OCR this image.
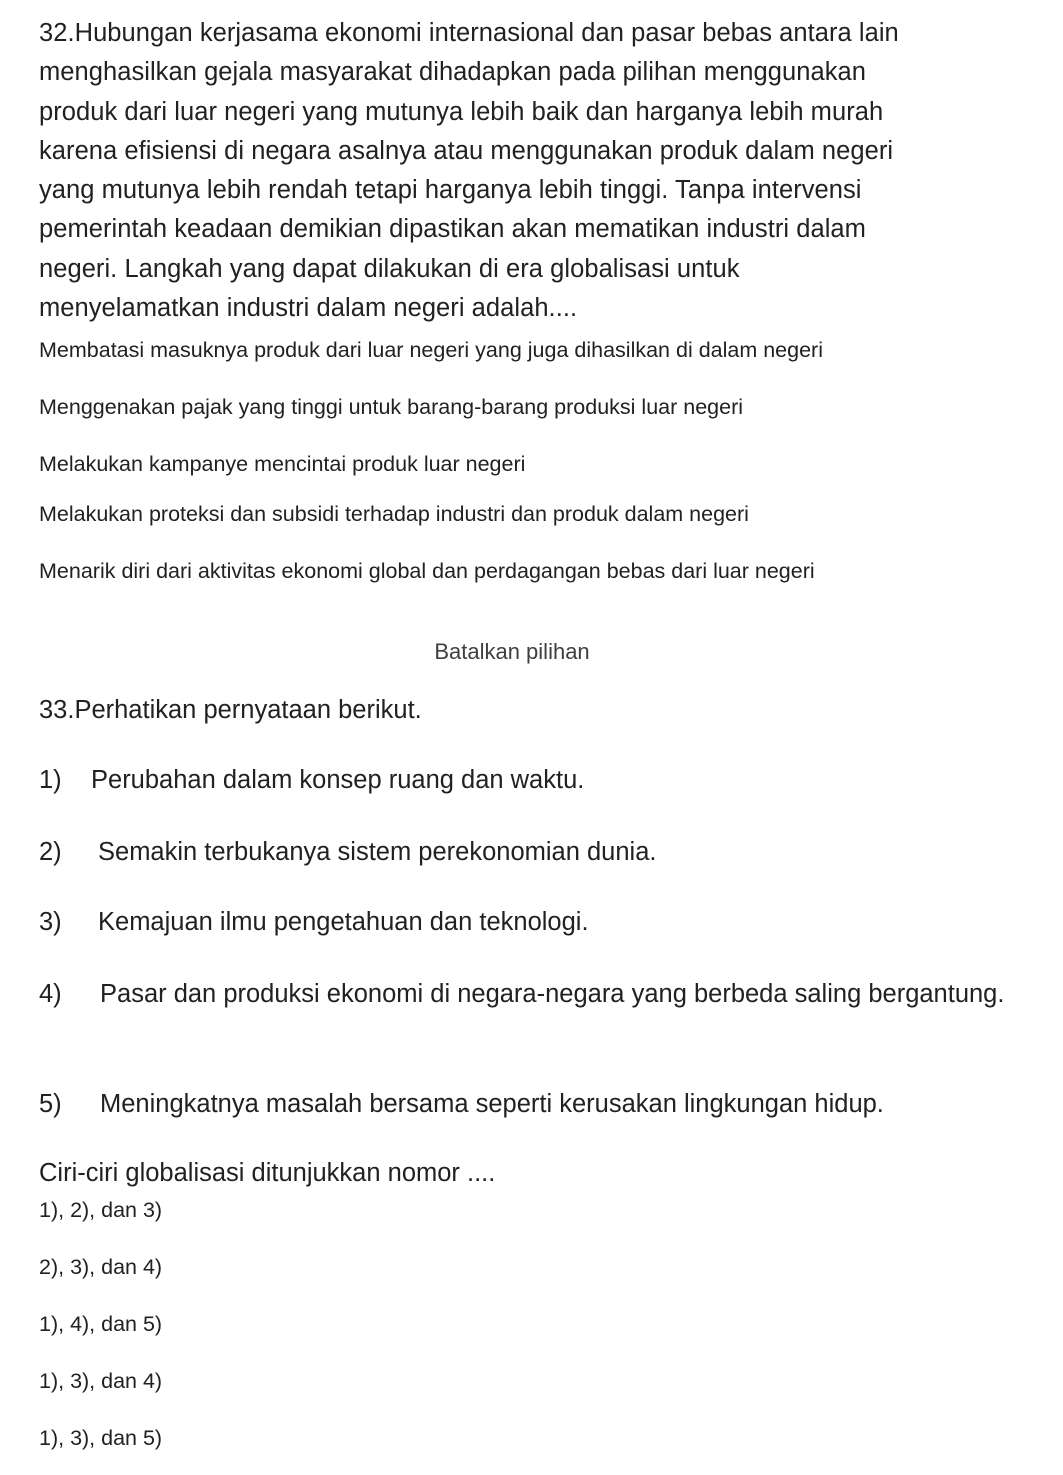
32.Hubungan kerjasama ekonomi internasional dan pasar bebas antara lain
menghasilkan gejala masyarakat dihadapkan pada pilihan menggunakan
produk dari luar negeri yang mutunya lebih baik dan harganya lebih murah
karena efisiensi di negara asalnya atau menggunakan produk dalam negeri
yang mutunya lebih rendah tetapi harganya lebih tinggi. Tanpa intervensi
pemerintah keadaan demikian dipastikan akan mematikan industri dalam
negeri. Langkah yang dapat dilakukan di era globalisasi untuk
menyelamatkan industri dalam negeri adalah....
Membatasi masuknya produk dari luar negeri yang juga dihasilkan di dalam negeri
Menggenakan pajak yang tinggi untuk barang-barang produksi luar negeri
Melakukan kampanye mencintai produk luar negeri
Melakukan proteksi dan subsidi terhadap industri dan produk dalam negeri
Menarik diri dari aktivitas ekonomi global dan perdagangan bebas dari luar negeri
Batalkan pilihan
33.Perhatikan pernyataan berikut.
1) Perubahan dalam konsep ruang dan waktu.
2) Semakin terbukanya sistem perekonomian dunia.
3) Kemajuan ilmu pengetahuan dan teknologi.
4) Pasar dan produksi ekonomi di negara-negara yang berbeda saling bergantung.
5) Meningkatnya masalah bersama seperti kerusakan lingkungan hidup.
Ciri-ciri globalisasi ditunjukkan nomor ....
1), 2), dan 3)
2), 3), dan 4)
1), 4), dan 5)
1), 3), dan 4)
1), 3), dan 5)
